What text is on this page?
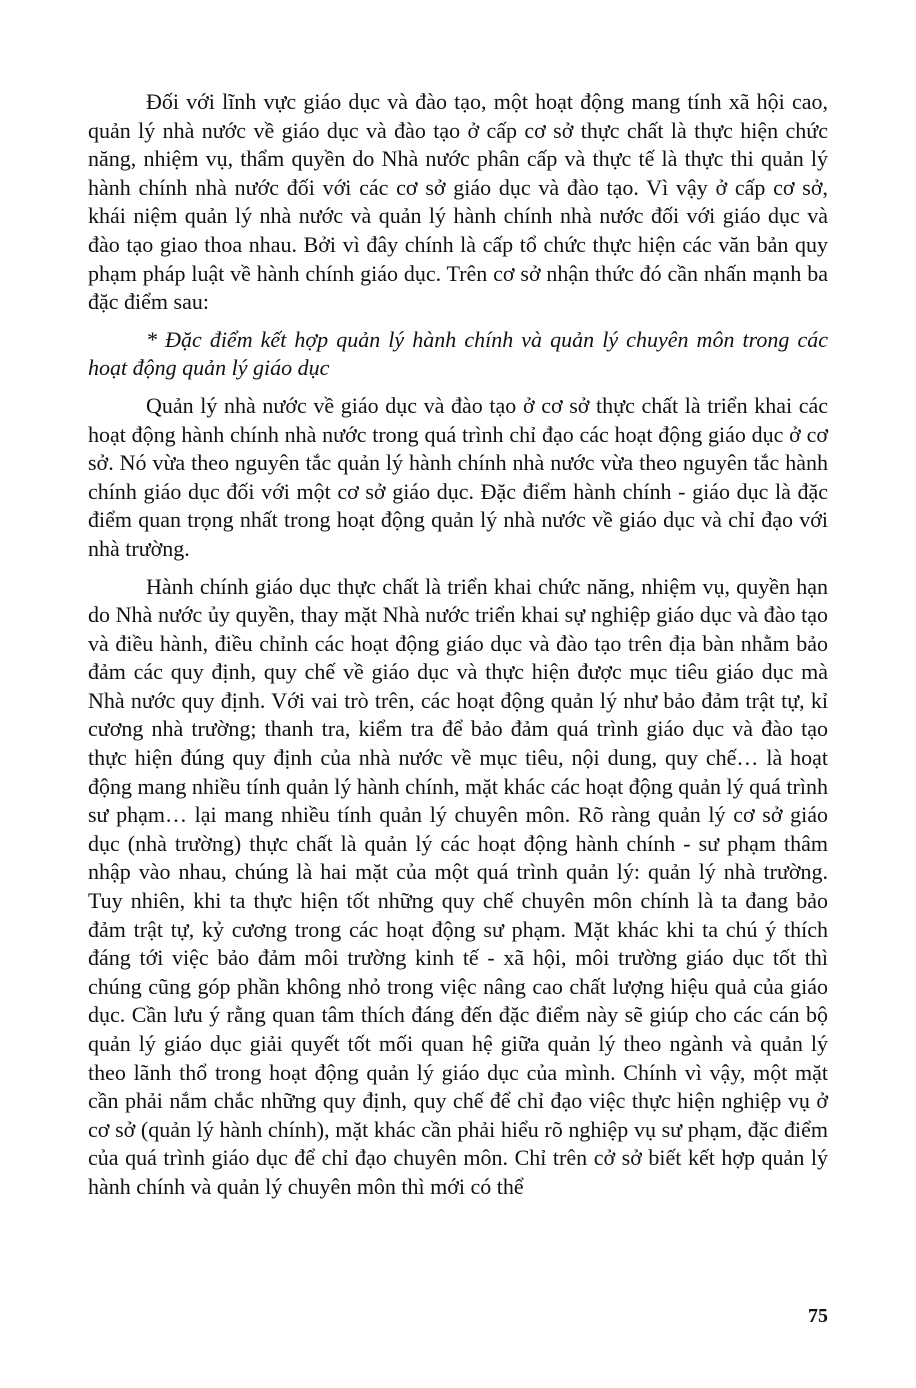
Đối với lĩnh vực giáo dục và đào tạo, một hoạt động mang tính xã hội cao, quản lý nhà nước về giáo dục và đào tạo ở cấp cơ sở thực chất là thực hiện chức năng, nhiệm vụ, thẩm quyền do Nhà nước phân cấp và thực tế là thực thi quản lý hành chính nhà nước đối với các cơ sở giáo dục và đào tạo. Vì vậy ở cấp cơ sở, khái niệm quản lý nhà nước và quản lý hành chính nhà nước đối với giáo dục và đào tạo giao thoa nhau. Bởi vì đây chính là cấp tổ chức thực hiện các văn bản quy phạm pháp luật về hành chính giáo dục. Trên cơ sở nhận thức đó cần nhấn mạnh ba đặc điểm sau:

* Đặc điểm kết hợp quản lý hành chính và quản lý chuyên môn trong các hoạt động quản lý giáo dục

Quản lý nhà nước về giáo dục và đào tạo ở cơ sở thực chất là triển khai các hoạt động hành chính nhà nước trong quá trình chỉ đạo các hoạt động giáo dục ở cơ sở. Nó vừa theo nguyên tắc quản lý hành chính nhà nước vừa theo nguyên tắc hành chính giáo dục đối với một cơ sở giáo dục. Đặc điểm hành chính - giáo dục là đặc điểm quan trọng nhất trong hoạt động quản lý nhà nước về giáo dục và chỉ đạo với nhà trường.

Hành chính giáo dục thực chất là triển khai chức năng, nhiệm vụ, quyền hạn do Nhà nước ủy quyền, thay mặt Nhà nước triển khai sự nghiệp giáo dục và đào tạo và điều hành, điều chỉnh các hoạt động giáo dục và đào tạo trên địa bàn nhằm bảo đảm các quy định, quy chế về giáo dục và thực hiện được mục tiêu giáo dục mà Nhà nước quy định. Với vai trò trên, các hoạt động quản lý như bảo đảm trật tự, kỉ cương nhà trường; thanh tra, kiểm tra để bảo đảm quá trình giáo dục và đào tạo thực hiện đúng quy định của nhà nước về mục tiêu, nội dung, quy chế… là hoạt động mang nhiều tính quản lý hành chính, mặt khác các hoạt động quản lý quá trình sư phạm… lại mang nhiều tính quản lý chuyên môn. Rõ ràng quản lý cơ sở giáo dục (nhà trường) thực chất là quản lý các hoạt động hành chính - sư phạm thâm nhập vào nhau, chúng là hai mặt của một quá trình quản lý: quản lý nhà trường. Tuy nhiên, khi ta thực hiện tốt những quy chế chuyên môn chính là ta đang bảo đảm trật tự, kỷ cương trong các hoạt động sư phạm. Mặt khác khi ta chú ý thích đáng tới việc bảo đảm môi trường kinh tế - xã hội, môi trường giáo dục tốt thì chúng cũng góp phần không nhỏ trong việc nâng cao chất lượng hiệu quả của giáo dục. Cần lưu ý rằng quan tâm thích đáng đến đặc điểm này sẽ giúp cho các cán bộ quản lý giáo dục giải quyết tốt mối quan hệ giữa quản lý theo ngành và quản lý theo lãnh thổ trong hoạt động quản lý giáo dục của mình. Chính vì vậy, một mặt cần phải nắm chắc những quy định, quy chế để chỉ đạo việc thực hiện nghiệp vụ ở cơ sở (quản lý hành chính), mặt khác cần phải hiểu rõ nghiệp vụ sư phạm, đặc điểm của quá trình giáo dục để chỉ đạo chuyên môn. Chỉ trên cở sở biết kết hợp quản lý hành chính và quản lý chuyên môn thì mới có thể

75
